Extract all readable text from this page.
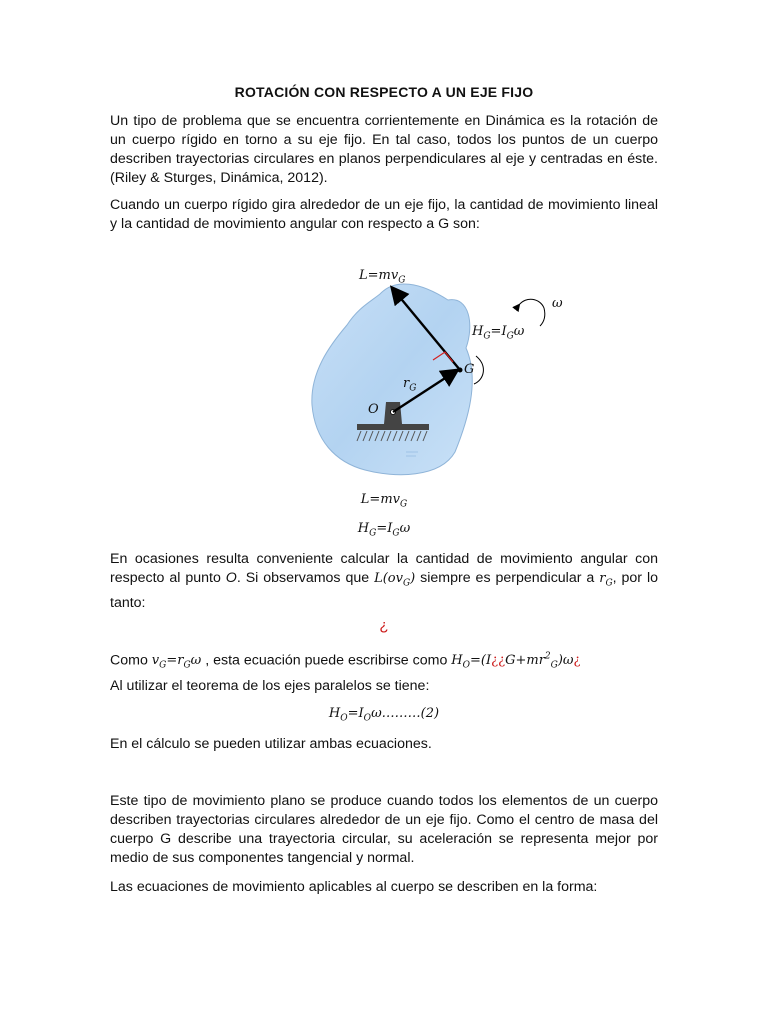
ROTACIÓN CON RESPECTO A UN EJE FIJO
Un tipo de problema que se encuentra corrientemente en Dinámica es la rotación de un cuerpo rígido en torno a su eje fijo. En tal caso, todos los puntos de un cuerpo describen trayectorias circulares en planos perpendiculares al eje y centradas en éste. (Riley & Sturges, Dinámica, 2012).
Cuando un cuerpo rígido gira alrededor de un eje fijo, la cantidad de movimiento lineal y la cantidad de movimiento angular con respecto a G son:
$L=mv_G$
ω
$H_G=I_G\omega$
G
$r_G$
O
$L=mv_G$
$H_G=I_G\omega$
En ocasiones resulta conveniente calcular la cantidad de movimiento angular con respecto al punto O. Si observamos que $L(ov_G)$ siempre es perpendicular a $r_G$, por lo tanto:
¿
Como $v_G=r_G\omega$ , esta ecuación puede escribirse como $H_O=(I¿¿G+mr^2_G)\omega¿$
Al utilizar el teorema de los ejes paralelos se tiene:
$H_O=I_O\omega\dots\dots\dots(2)$
En el cálculo se pueden utilizar ambas ecuaciones.
Este tipo de movimiento plano se produce cuando todos los elementos de un cuerpo describen trayectorias circulares alrededor de un eje fijo. Como el centro de masa del cuerpo G describe una trayectoria circular, su aceleración se representa mejor por medio de sus componentes tangencial y normal.
Las ecuaciones de movimiento aplicables al cuerpo se describen en la forma:
